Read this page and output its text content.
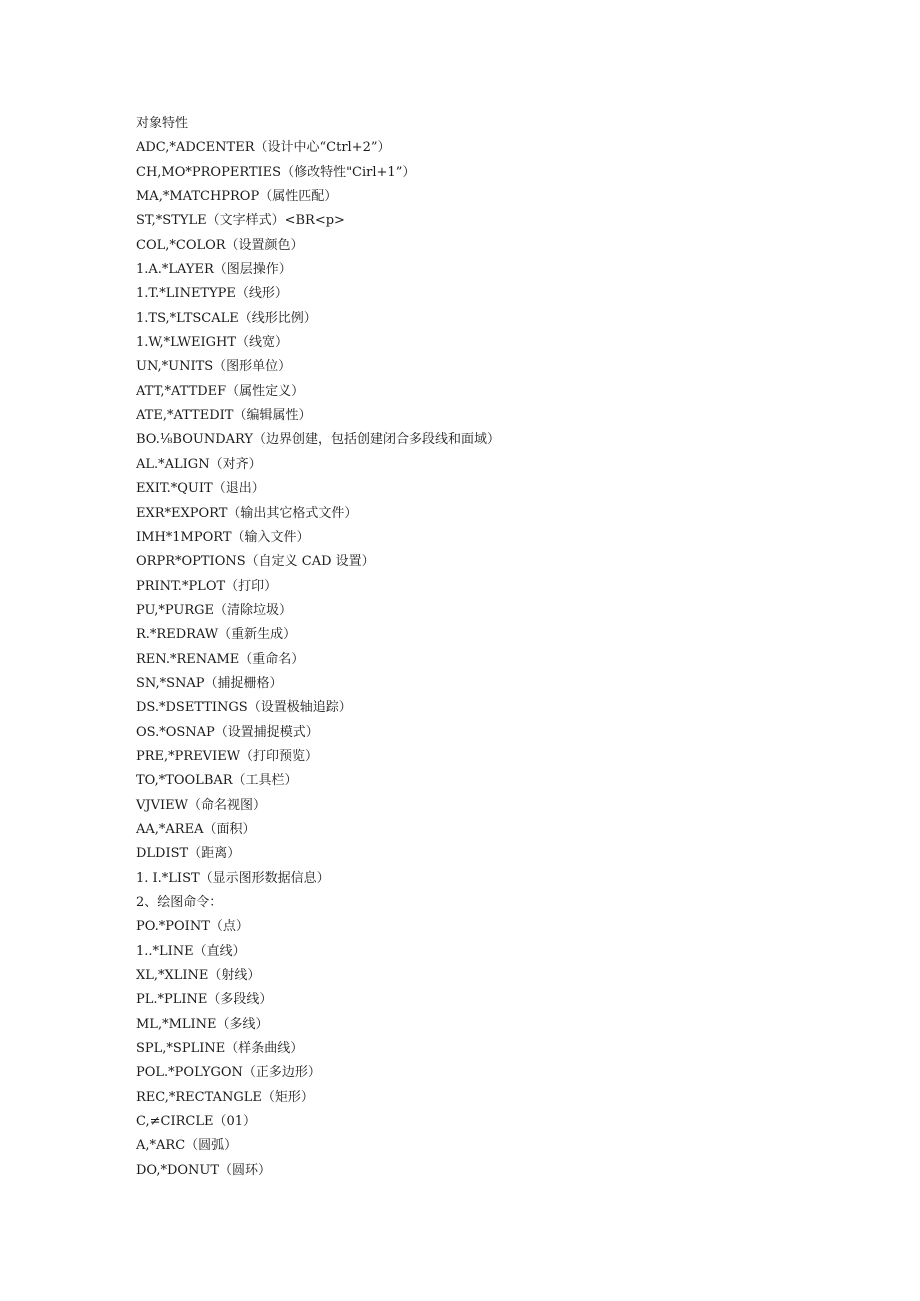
对象特性
ADC,*ADCENTER（设计中心“Ctrl+2”）
CH,MO*PROPERTIES（修改特性"Cirl+1”）
MA,*MATCHPROP（属性匹配）
ST,*STYLE（文字样式）<BR<p>
COL,*COLOR（设置颜色）
1.A.*LAYER（图层操作）
1.T.*LINETYPE（线形）
1.TS,*LTSCALE（线形比例）
1.W,*LWEIGHT（线宽）
UN,*UNITS（图形单位）
ATT,*ATTDEF（属性定义）
ATE,*ATTEDIT（编辑属性）
BO.⅛BOUNDARY（边界创建，包括创建闭合多段线和面域）
AL.*ALIGN（对齐）
EXIT.*QUIT（退出）
EXR*EXPORT（输出其它格式文件）
IMH*1MPORT（输入文件）
ORPR*OPTIONS（自定义 CAD 设置）
PRINT.*PLOT（打印）
PU,*PURGE（清除垃圾）
R.*REDRAW（重新生成）
REN.*RENAME（重命名）
SN,*SNAP（捕捉栅格）
DS.*DSETTINGS（设置极轴追踪）
OS.*OSNAP（设置捕捉模式）
PRE,*PREVIEW（打印预览）
TO,*TOOLBAR（工具栏）
VJVIEW（命名视图）
AA,*AREA（面积）
DLDIST（距离）
1. I.*LIST（显示图形数据信息）
2、绘图命令：
PO.*POINT（点）
1..*LINE（直线）
XL,*XLINE（射线）
PL.*PLINE（多段线）
ML,*MLINE（多线）
SPL,*SPLINE（样条曲线）
POL.*POLYGON（正多边形）
REC,*RECTANGLE（矩形）
C,≠CIRCLE（01）
A,*ARC（圆弧）
DO,*DONUT（圆环）
